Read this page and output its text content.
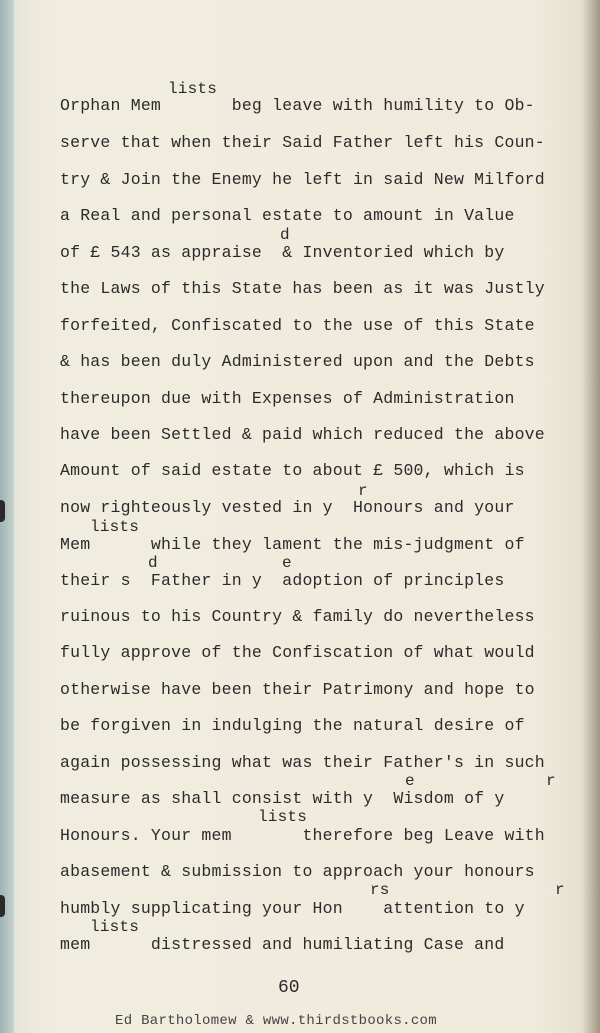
lists
d
r
lists
d	e
e	r
lists
rs	r
lists
Orphan Mem       beg leave with humility to Ob-
serve that when their Said Father left his Coun-
try & Join the Enemy he left in said New Milford
a Real and personal estate to amount in Value
of £ 543 as appraise  & Inventoried which by
the Laws of this State has been as it was Justly
forfeited, Confiscated to the use of this State
& has been duly Administered upon and the Debts
thereupon due with Expenses of Administration
have been Settled & paid which reduced the above
Amount of said estate to about £ 500, which is
now righteously vested in y  Honours and your
Mem      while they lament the mis-judgment of
their s  Father in y  adoption of principles
ruinous to his Country & family do nevertheless
fully approve of the Confiscation of what would
otherwise have been their Patrimony and hope to
be forgiven in indulging the natural desire of
again possessing what was their Father's in such
measure as shall consist with y  Wisdom of y
Honours. Your mem       therefore beg Leave with
abasement & submission to approach your honours
humbly supplicating your Hon    attention to y
mem      distressed and humiliating Case and
60
Ed Bartholomew & www.thirdstbooks.com
